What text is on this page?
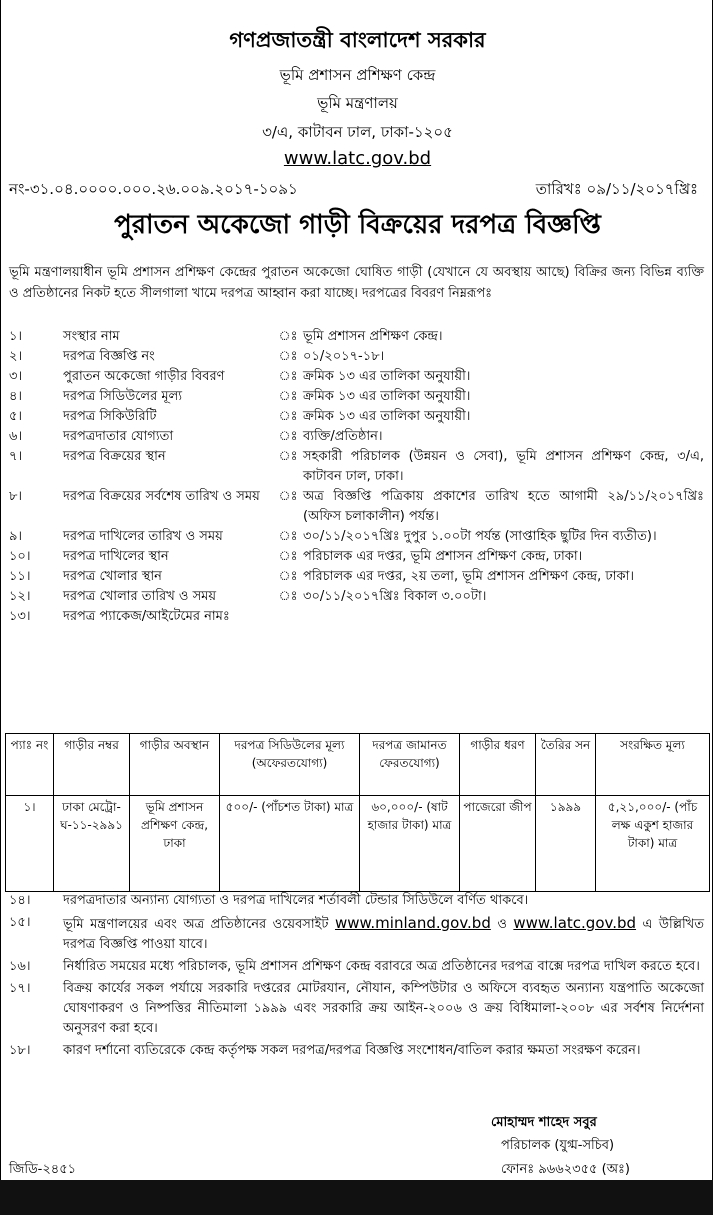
গণপ্রজাতন্ত্রী বাংলাদেশ সরকার
ভূমি প্রশাসন প্রশিক্ষণ কেন্দ্র
ভূমি মন্ত্রণালয়
৩/এ, কাটাবন ঢাল, ঢাকা-১২০৫
www.latc.gov.bd
নং-৩১.০৪.০০০০.০০০.২৬.০০৯.২০১৭-১০৯১	তারিখঃ ০৯/১১/২০১৭খ্রিঃ
পুরাতন অকেজো গাড়ী বিক্রয়ের দরপত্র বিজ্ঞপ্তি
ভূমি মন্ত্রণালয়াধীন ভূমি প্রশাসন প্রশিক্ষণ কেন্দ্রের পুরাতন অকেজো ঘোষিত গাড়ী (যেখানে যে অবস্থায় আছে) বিক্রির জন্য বিভিন্ন ব্যক্তি ও প্রতিষ্ঠানের নিকট হতে সীলগালা খামে দরপত্র আহ্বান করা যাচ্ছে। দরপত্রের বিবরণ নিম্নরূপঃ
১।	সংস্থার নাম	ঃ ভূমি প্রশাসন প্রশিক্ষণ কেন্দ্র।
২।	দরপত্র বিজ্ঞপ্তি নং	ঃ ০১/২০১৭-১৮।
৩।	পুরাতন অকেজো গাড়ীর বিবরণ	ঃ ক্রমিক ১৩ এর তালিকা অনুযায়ী।
৪।	দরপত্র সিডিউলের মূল্য	ঃ ক্রমিক ১৩ এর তালিকা অনুযায়ী।
৫।	দরপত্র সিকিউরিটি	ঃ ক্রমিক ১৩ এর তালিকা অনুযায়ী।
৬।	দরপত্রদাতার যোগ্যতা	ঃ ব্যক্তি/প্রতিষ্ঠান।
৭।	দরপত্র বিক্রয়ের স্থান	ঃ সহকারী পরিচালক (উন্নয়ন ও সেবা), ভূমি প্রশাসন প্রশিক্ষণ কেন্দ্র, ৩/এ, কাটাবন ঢাল, ঢাকা।
৮।	দরপত্র বিক্রয়ের সর্বশেষ তারিখ ও সময়	ঃ অত্র বিজ্ঞপ্তি পত্রিকায় প্রকাশের তারিখ হতে আগামী ২৯/১১/২০১৭খ্রিঃ (অফিস চলাকালীন) পর্যন্ত।
৯।	দরপত্র দাখিলের তারিখ ও সময়	ঃ ৩০/১১/২০১৭খ্রিঃ দুপুর ১.০০টা পর্যন্ত (সাপ্তাহিক ছুটির দিন ব্যতীত)।
১০।	দরপত্র দাখিলের স্থান	ঃ পরিচালক এর দপ্তর, ভূমি প্রশাসন প্রশিক্ষণ কেন্দ্র, ঢাকা।
১১।	দরপত্র খোলার স্থান	ঃ পরিচালক এর দপ্তর, ২য় তলা, ভূমি প্রশাসন প্রশিক্ষণ কেন্দ্র, ঢাকা।
১২।	দরপত্র খোলার তারিখ ও সময়	ঃ ৩০/১১/২০১৭খ্রিঃ বিকাল ৩.০০টা।
১৩।	দরপত্র প্যাকেজ/আইটেমের নামঃ
প্যাঃ নং	গাড়ীর নম্বর	গাড়ীর অবস্থান	দরপত্র সিডিউলের মূল্য (অফেরতযোগ্য)	দরপত্র জামানত ফেরতযোগ্য)	গাড়ীর ধরণ	তৈরির সন	সংরক্ষিত মূল্য
১।	ঢাকা মেট্রো-ঘ-১১-২৯৯১	ভূমি প্রশাসন প্রশিক্ষণ কেন্দ্র, ঢাকা	৫০০/- (পাঁচশত টাকা) মাত্র	৬০,০০০/- (ষাট হাজার টাকা) মাত্র	পাজেরো জীপ	১৯৯৯	৫,২১,০০০/- (পাঁচ লক্ষ একুশ হাজার টাকা) মাত্র
১৪।	দরপত্রদাতার অন্যান্য যোগ্যতা ও দরপত্র দাখিলের শর্তাবলী টেন্ডার সিডিউলে বর্ণিত থাকবে।
১৫।	ভূমি মন্ত্রণালয়ের এবং অত্র প্রতিষ্ঠানের ওয়েবসাইট www.minland.gov.bd ও www.latc.gov.bd এ উল্লিখিত দরপত্র বিজ্ঞপ্তি পাওয়া যাবে।
১৬।	নির্ধারিত সময়ের মধ্যে পরিচালক, ভূমি প্রশাসন প্রশিক্ষণ কেন্দ্র বরাবরে অত্র প্রতিষ্ঠানের দরপত্র বাক্সে দরপত্র দাখিল করতে হবে।
১৭।	বিক্রয় কার্যের সকল পর্যায়ে সরকারি দপ্তরের মোটরযান, নৌযান, কম্পিউটার ও অফিসে ব্যবহৃত অন্যান্য যন্ত্রপাতি অকেজো ঘোষণাকরণ ও নিষ্পত্তির নীতিমালা ১৯৯৯ এবং সরকারি ক্রয় আইন-২০০৬ ও ক্রয় বিধিমালা-২০০৮ এর সর্বশষ নির্দেশনা অনুসরণ করা হবে।
১৮।	কারণ দর্শানো ব্যতিরেকে কেন্দ্র কর্তৃপক্ষ সকল দরপত্র/দরপত্র বিজ্ঞপ্তি সংশোধন/বাতিল করার ক্ষমতা সংরক্ষণ করেন।
মোহাম্মদ শাহেদ সবুর
পরিচালক (যুগ্ম-সচিব)
ফোনঃ ৯৬৬২৩৫৫ (অঃ)
জিডি-২৪৫১
